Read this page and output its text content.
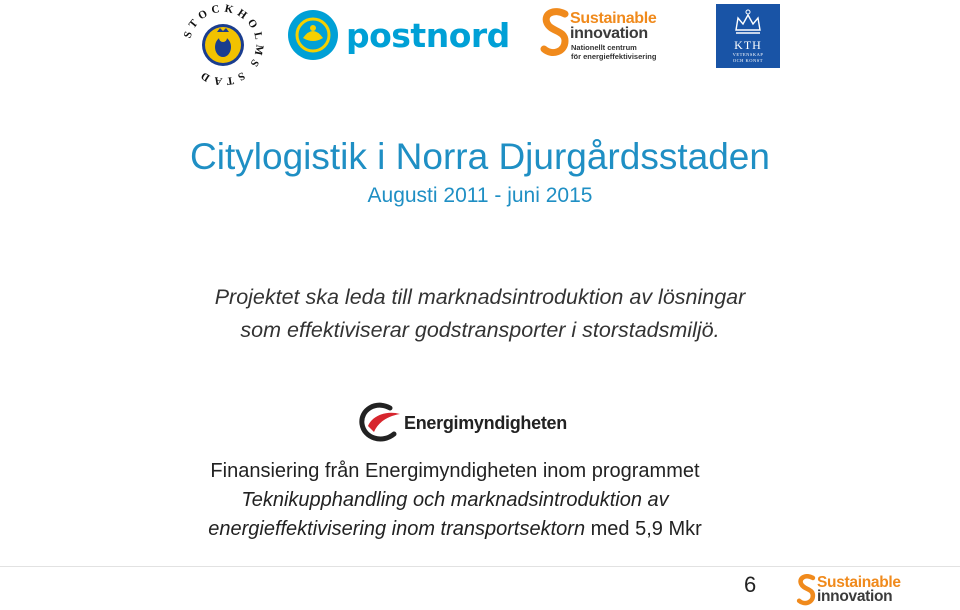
STOCKHOLMS STAD
postnord	Sustainable
innovation
Nationellt centrum
för energieffektivisering
KTH
VETENSKAP
OCH KONST
Citylogistik i Norra Djurgårdsstaden
Augusti 2011 - juni 2015
Projektet ska leda till marknadsintroduktion av lösningar
som effektiviserar godstransporter i storstadsmiljö.
Energimyndigheten
Finansiering från Energimyndigheten inom programmet
Teknikupphandling och marknadsintroduktion av
energieffektivisering inom transportsektorn med 5,9 Mkr
6	Sustainable
innovation
